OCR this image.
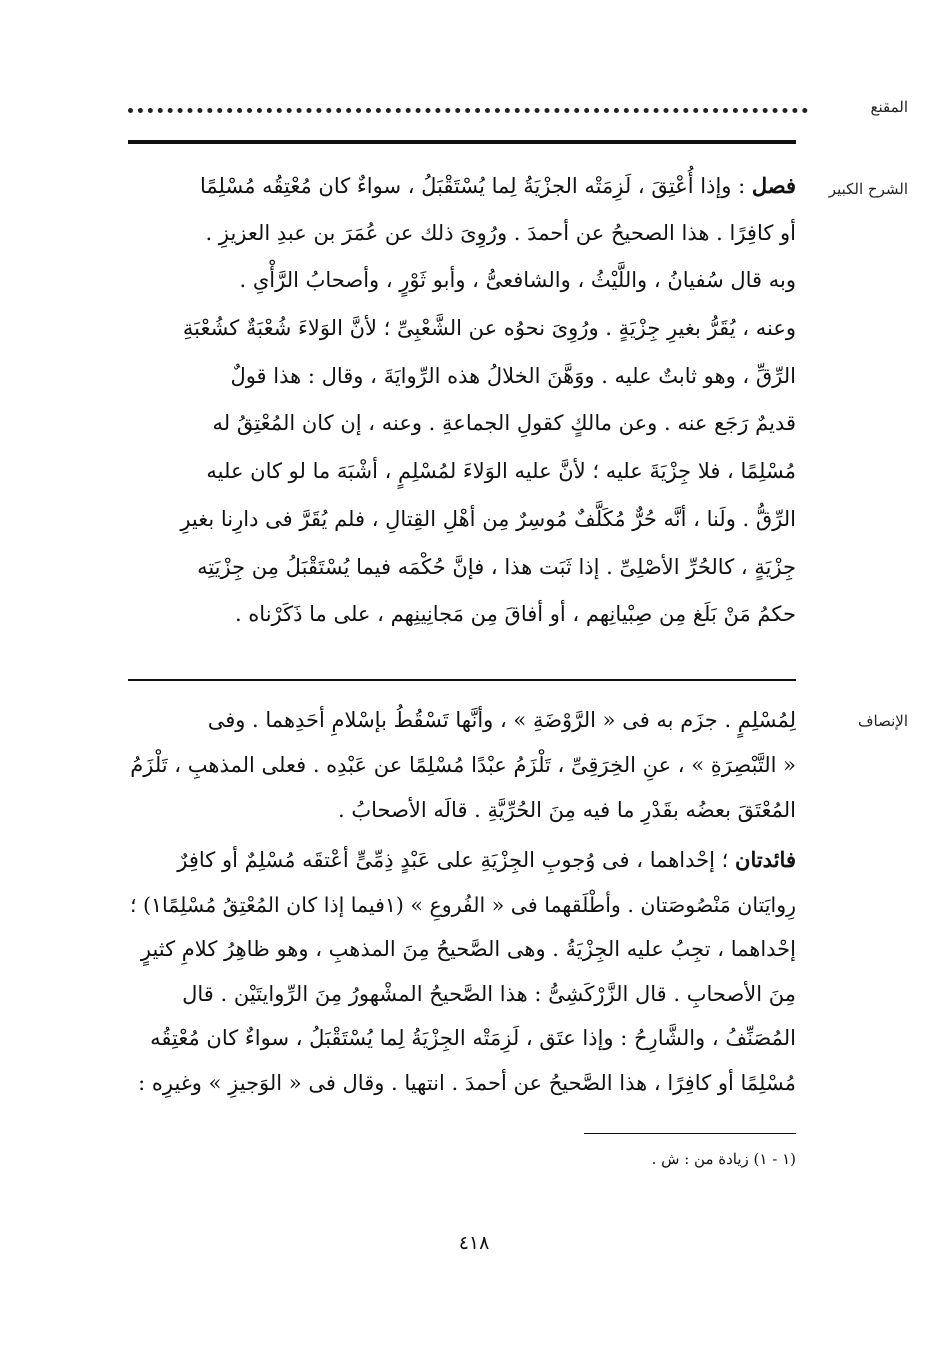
المقنع
الشرح الكبير
فصل : وإذا أُعْتِقَ ، لَزِمَتْه الجزْيَةُ لِما يُسْتَقْبَلُ ، سواءٌ كان مُعْتِقُه مُسْلِمًا
أو كافِرًا . هذا الصحيحُ عن أحمدَ . ورُوِىَ ذلك عن عُمَرَ بن عبدِ العزيزِ .
وبه قال سُفيانُ ، واللَّيْثُ ، والشافعىُّ ، وأبو ثَوْرٍ ، وأصحابُ الرَّأْىِ .
وعنه ، يُقَرُّ بغيرِ جِزْيَةٍ . ورُوِىَ نحوُه عن الشَّعْبِىِّ ؛ لأنَّ الوَلاءَ شُعْبَةٌ كشُعْبَةِ
الرِّقِّ ، وهو ثابتٌ عليه . ووَهَّنَ الخلالُ هذه الرِّوايَةَ ، وقال : هذا قولٌ
قديمٌ رَجَع عنه . وعن مالكٍ كقولِ الجماعةِ . وعنه ، إن كان المُعْتِقُ له
مُسْلِمًا ، فلا جِزْيَةَ عليه ؛ لأنَّ عليه الوَلاءَ لمُسْلِمٍ ، أشْبَهَ ما لو كان عليه
الرِّقُّ . ولَنا ، أنَّه حُرٌّ مُكَلَّفٌ مُوسِرٌ مِن أهْلِ القِتالِ ، فلم يُقَرَّ فى دارِنا بغيرِ
جِزْيَةٍ ، كالحُرِّ الأصْلِىِّ . إذا ثَبَت هذا ، فإنَّ حُكْمَه فيما يُسْتَقْبَلُ مِن جِزْيَتِه
حكمُ مَنْ بَلَغ مِن صِبْيانِهم ، أو أفاقَ مِن مَجانِينِهم ، على ما ذَكَرْناه .
الإنصاف
لِمُسْلِمٍ . جزَم به فى « الرَّوْضَةِ » ، وأنَّها تَسْقُطُ بإسْلامِ أحَدِهما . وفى
« التَّبْصِرَةِ » ، عنِ الخِرَقِىِّ ، تَلْزَمُ عبْدًا مُسْلِمًا عن عَبْدِه . فعلى المذهبِ ، تَلْزَمُ
المُعْتَقَ بعضُه بقَدْرِ ما فيه مِنَ الحُرِّيَّةِ . قالَه الأصحابُ .
فائدتان ؛ إحْداهما ، فى وُجوبِ الجِزْيَةِ على عَبْدٍ ذِمِّىٍّ أعْتقَه مُسْلِمٌ أو كافِرٌ
رِوايَتان مَنْصُوصَتان . وأطْلَقهما فى « الفُروعِ » (١فيما إذا كان المُعْتِقُ مُسْلِمًا١) ؛
إحْداهما ، تجِبُ عليه الجِزْيَةُ . وهى الصَّحيحُ مِنَ المذهبِ ، وهو ظاهِرُ كلامِ كثيرٍ
مِنَ الأصحابِ . قال الزَّرْكَشِىُّ : هذا الصَّحيحُ المشْهورُ مِنَ الرِّوايتَيْن . قال
المُصَنِّفُ ، والشَّارِحُ : وإذا عتَق ، لَزِمَتْه الجِزْيَةُ لِما يُسْتَقْبَلُ ، سواءٌ كان مُعْتِقُه
مُسْلِمًا أو كافِرًا ، هذا الصَّحيحُ عن أحمدَ . انتهيا . وقال فى « الوَجيزِ » وغيرِه :
(١ - ١) زيادة من : ش .
٤١٨
